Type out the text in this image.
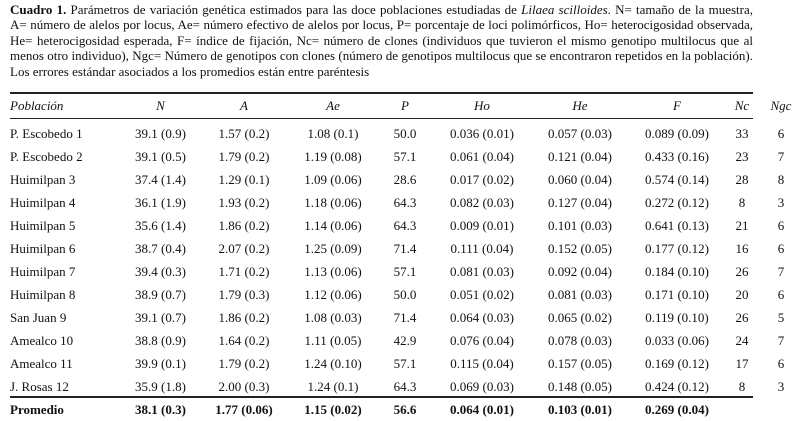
Cuadro 1. Parámetros de variación genética estimados para las doce poblaciones estudiadas de Lilaea scilloides. N= tamaño de la muestra, A= número de alelos por locus, Ae= número efectivo de alelos por locus, P= porcentaje de loci polimórficos, Ho= heterocigosidad observada, He= heterocigosidad esperada, F= índice de fijación, Nc= número de clones (individuos que tuvieron el mismo genotipo multilocus que al menos otro individuo), Ngc= Número de genotipos con clones (número de genotipos multilocus que se encontraron repetidos en la población). Los errores estándar asociados a los promedios están entre paréntesis
Población	N	A	Ae	P	Ho	He	F	Nc	Ngc

P. Escobedo 1	39.1 (0.9)	1.57 (0.2)	1.08 (0.1)	50.0	0.036 (0.01)	0.057 (0.03)	0.089 (0.09)	33	6
P. Escobedo 2	39.1 (0.5)	1.79 (0.2)	1.19 (0.08)	57.1	0.061 (0.04)	0.121 (0.04)	0.433 (0.16)	23	7
Huimilpan 3	37.4 (1.4)	1.29 (0.1)	1.09 (0.06)	28.6	0.017 (0.02)	0.060 (0.04)	0.574 (0.14)	28	8
Huimilpan 4	36.1 (1.9)	1.93 (0.2)	1.18 (0.06)	64.3	0.082 (0.03)	0.127 (0.04)	0.272 (0.12)	8	3
Huimilpan 5	35.6 (1.4)	1.86 (0.2)	1.14 (0.06)	64.3	0.009 (0.01)	0.101 (0.03)	0.641 (0.13)	21	6
Huimilpan 6	38.7 (0.4)	2.07 (0.2)	1.25 (0.09)	71.4	0.111 (0.04)	0.152 (0.05)	0.177 (0.12)	16	6
Huimilpan 7	39.4 (0.3)	1.71 (0.2)	1.13 (0.06)	57.1	0.081 (0.03)	0.092 (0.04)	0.184 (0.10)	26	7
Huimilpan 8	38.9 (0.7)	1.79 (0.3)	1.12 (0.06)	50.0	0.051 (0.02)	0.081 (0.03)	0.171 (0.10)	20	6
San Juan 9	39.1 (0.7)	1.86 (0.2)	1.08 (0.03)	71.4	0.064 (0.03)	0.065 (0.02)	0.119 (0.10)	26	5
Amealco 10	38.8 (0.9)	1.64 (0.2)	1.11 (0.05)	42.9	0.076 (0.04)	0.078 (0.03)	0.033 (0.06)	24	7
Amealco 11	39.9 (0.1)	1.79 (0.2)	1.24 (0.10)	57.1	0.115 (0.04)	0.157 (0.05)	0.169 (0.12)	17	6
J. Rosas 12	35.9 (1.8)	2.00 (0.3)	1.24 (0.1)	64.3	0.069 (0.03)	0.148 (0.05)	0.424 (0.12)	8	3
Promedio	38.1 (0.3)	1.77 (0.06)	1.15 (0.02)	56.6	0.064 (0.01)	0.103 (0.01)	0.269 (0.04)		
